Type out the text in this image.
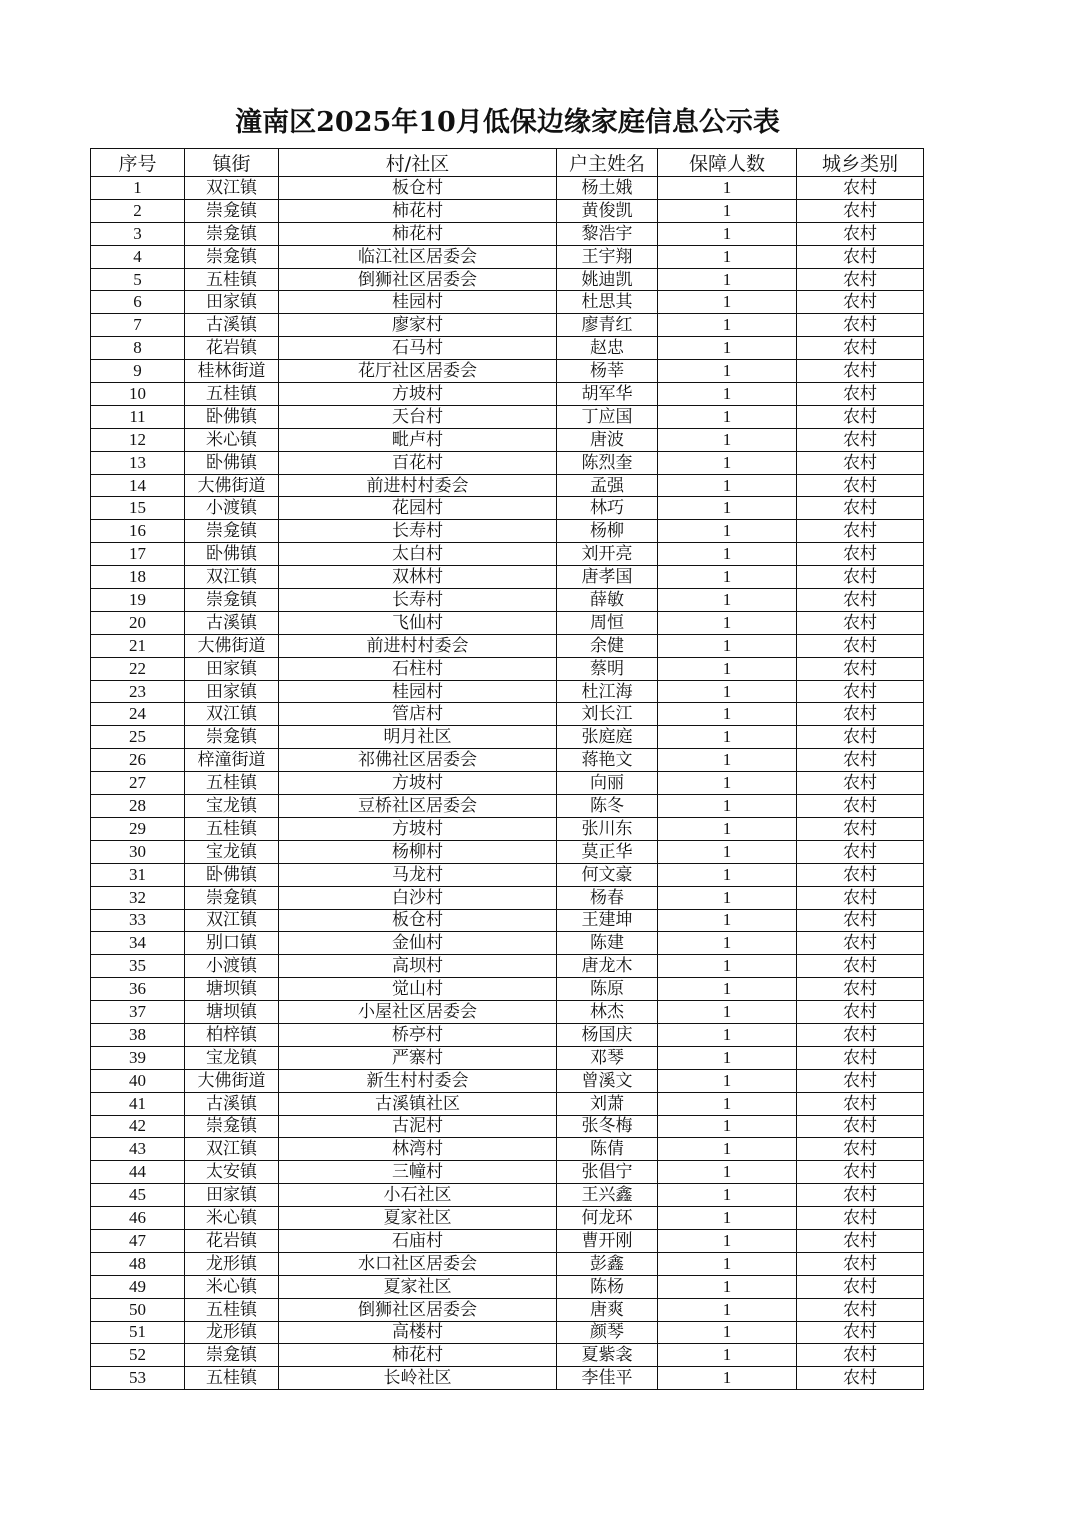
潼南区2025年10月低保边缘家庭信息公示表
序号	镇街	村/社区	户主姓名	保障人数	城乡类别
1	双江镇	板仓村	杨土娥	1	农村
2	崇龛镇	柿花村	黄俊凯	1	农村
3	崇龛镇	柿花村	黎浩宇	1	农村
4	崇龛镇	临江社区居委会	王宇翔	1	农村
5	五桂镇	倒狮社区居委会	姚迪凯	1	农村
6	田家镇	桂园村	杜思其	1	农村
7	古溪镇	廖家村	廖青红	1	农村
8	花岩镇	石马村	赵忠	1	农村
9	桂林街道	花厅社区居委会	杨莘	1	农村
10	五桂镇	方坡村	胡军华	1	农村
11	卧佛镇	天台村	丁应国	1	农村
12	米心镇	毗卢村	唐波	1	农村
13	卧佛镇	百花村	陈烈奎	1	农村
14	大佛街道	前进村村委会	孟强	1	农村
15	小渡镇	花园村	林巧	1	农村
16	崇龛镇	长寿村	杨柳	1	农村
17	卧佛镇	太白村	刘开亮	1	农村
18	双江镇	双林村	唐孝国	1	农村
19	崇龛镇	长寿村	薛敏	1	农村
20	古溪镇	飞仙村	周恒	1	农村
21	大佛街道	前进村村委会	余健	1	农村
22	田家镇	石柱村	蔡明	1	农村
23	田家镇	桂园村	杜江海	1	农村
24	双江镇	管店村	刘长江	1	农村
25	崇龛镇	明月社区	张庭庭	1	农村
26	梓潼街道	祁佛社区居委会	蒋艳文	1	农村
27	五桂镇	方坡村	向丽	1	农村
28	宝龙镇	豆桥社区居委会	陈冬	1	农村
29	五桂镇	方坡村	张川东	1	农村
30	宝龙镇	杨柳村	莫正华	1	农村
31	卧佛镇	马龙村	何文豪	1	农村
32	崇龛镇	白沙村	杨春	1	农村
33	双江镇	板仓村	王建坤	1	农村
34	别口镇	金仙村	陈建	1	农村
35	小渡镇	高坝村	唐龙木	1	农村
36	塘坝镇	觉山村	陈原	1	农村
37	塘坝镇	小屋社区居委会	林杰	1	农村
38	柏梓镇	桥亭村	杨国庆	1	农村
39	宝龙镇	严寨村	邓琴	1	农村
40	大佛街道	新生村村委会	曾溪文	1	农村
41	古溪镇	古溪镇社区	刘萧	1	农村
42	崇龛镇	古泥村	张冬梅	1	农村
43	双江镇	林湾村	陈倩	1	农村
44	太安镇	三幢村	张倡宁	1	农村
45	田家镇	小石社区	王兴鑫	1	农村
46	米心镇	夏家社区	何龙环	1	农村
47	花岩镇	石庙村	曹开刚	1	农村
48	龙形镇	水口社区居委会	彭鑫	1	农村
49	米心镇	夏家社区	陈杨	1	农村
50	五桂镇	倒狮社区居委会	唐爽	1	农村
51	龙形镇	高楼村	颜琴	1	农村
52	崇龛镇	柿花村	夏紫衾	1	农村
53	五桂镇	长岭社区	李佳平	1	农村
